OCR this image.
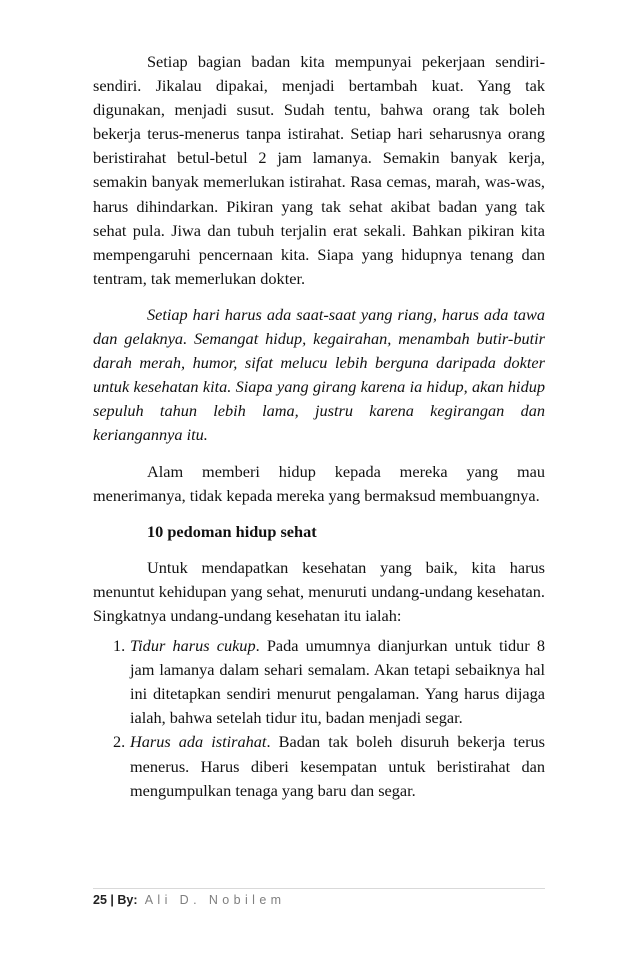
Setiap bagian badan kita mempunyai pekerjaan sendiri-sendiri. Jikalau dipakai, menjadi bertambah kuat. Yang tak digunakan, menjadi susut. Sudah tentu, bahwa orang tak boleh bekerja terus-menerus tanpa istirahat. Setiap hari seharusnya orang beristirahat betul-betul 2 jam lamanya. Semakin banyak kerja, semakin banyak memerlukan istirahat. Rasa cemas, marah, was-was, harus dihindarkan. Pikiran yang tak sehat akibat badan yang tak sehat pula. Jiwa dan tubuh terjalin erat sekali. Bahkan pikiran kita mempengaruhi pencernaan kita. Siapa yang hidupnya tenang dan tentram, tak memerlukan dokter.

Setiap hari harus ada saat-saat yang riang, harus ada tawa dan gelaknya. Semangat hidup, kegairahan, menambah butir-butir darah merah, humor, sifat melucu lebih berguna daripada dokter untuk kesehatan kita. Siapa yang girang karena ia hidup, akan hidup sepuluh tahun lebih lama, justru karena kegirangan dan keriangannya itu.

Alam memberi hidup kepada mereka yang mau menerimanya, tidak kepada mereka yang bermaksud membuangnya.

10 pedoman hidup sehat

Untuk mendapatkan kesehatan yang baik, kita harus menuntut kehidupan yang sehat, menuruti undang-undang kesehatan. Singkatnya undang-undang kesehatan itu ialah:

1. Tidur harus cukup. Pada umumnya dianjurkan untuk tidur 8 jam lamanya dalam sehari semalam. Akan tetapi sebaiknya hal ini ditetapkan sendiri menurut pengalaman. Yang harus dijaga ialah, bahwa setelah tidur itu, badan menjadi segar.
2. Harus ada istirahat. Badan tak boleh disuruh bekerja terus menerus. Harus diberi kesempatan untuk beristirahat dan mengumpulkan tenaga yang baru dan segar.
25 | By: Ali D. Nobilem
